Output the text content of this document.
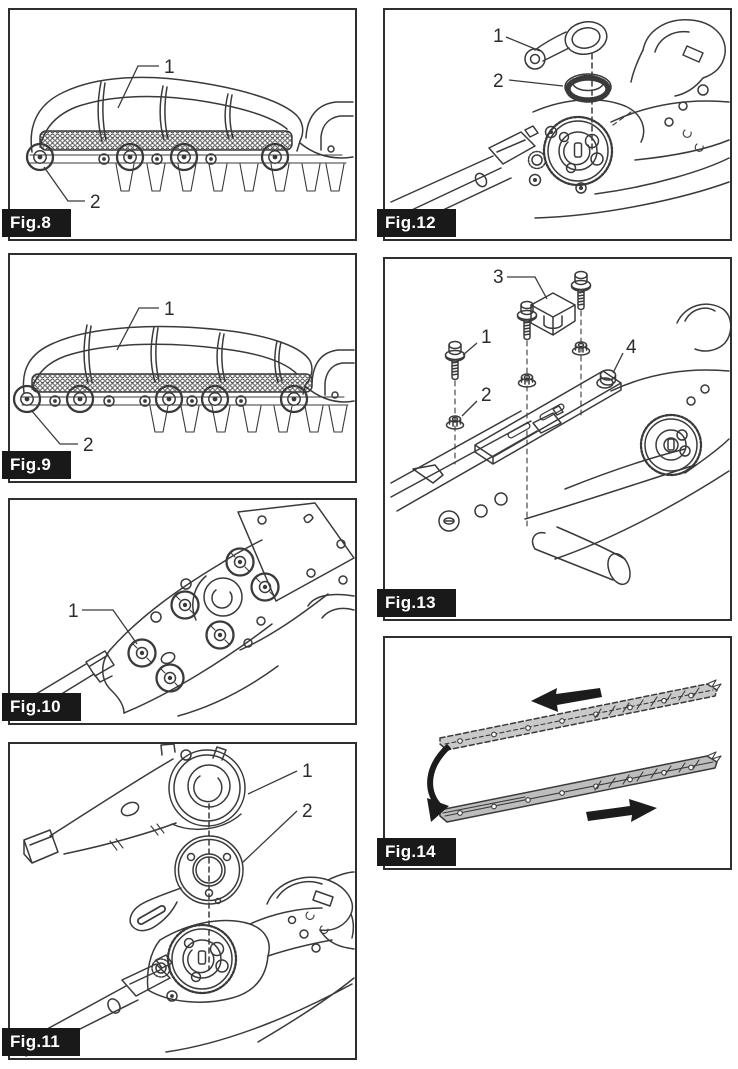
1
2
Fig.8
1
2
Fig.9
1
Fig.10
1
2
Fig.11
1
2
Fig.12
3
1
2
4
Fig.13
Fig.14
